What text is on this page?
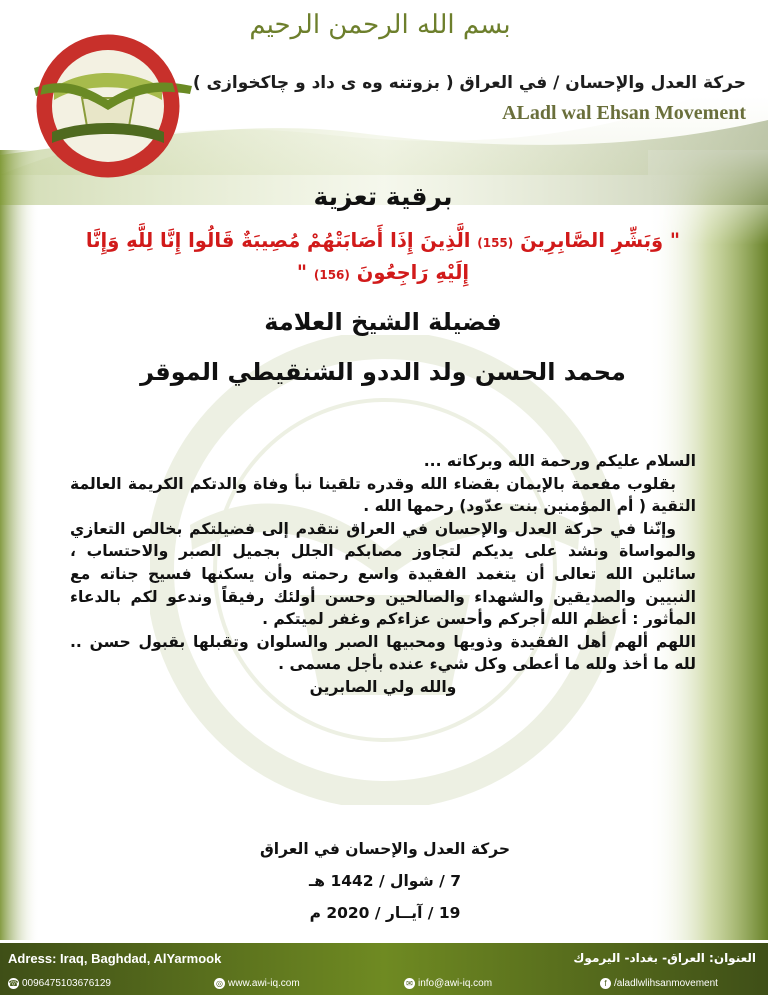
بسم الله الرحمن الرحيم
حركة العدل والإحسان / في العراق ( بزوتنه وه ى داد و چاكخوازى )
ALadl wal Ehsan Movement
برقية تعزية
" وَبَشِّرِ الصَّابِرِينَ (155) الَّذِينَ إِذَا أَصَابَتْهُمْ مُصِيبَةٌ قَالُوا إِنَّا لِلَّهِ وَإِنَّا إِلَيْهِ رَاجِعُونَ (156) "
فضيلة الشيخ العلامة
محمد الحسن ولد الددو الشنقيطي الموقر

السلام عليكم ورحمة الله وبركاته ...

بقلوب مفعمة بالإيمان بقضاء الله وقدره تلقينا نبأ وفاة والدتكم الكريمة العالمة التقية ( أم المؤمنين بنت عدّود) رحمها الله .

وإنّنا في حركة العدل والإحسان في العراق نتقدم إلى فضيلتكم بخالص التعازي والمواساة ونشد على يديكم لتجاوز مصابكم الجلل بجميل الصبر والاحتساب ، سائلين الله تعالى أن يتغمد الفقيدة واسع رحمته وأن يسكنها فسيح جناته مع النبيين والصديقين والشهداء والصالحين وحسن أولئك رفيقاً وندعو لكم بالدعاء المأثور : أعظم الله أجركم وأحسن عزاءكم وغفر لميتكم .

اللهم ألهم أهل الفقيدة وذويها ومحبيها الصبر والسلوان وتقبلها بقبول حسن .. لله ما أخذ ولله ما أعطى وكل شيء عنده بأجل مسمى .

والله ولي الصابرين

حركة العدل والإحسان في العراق
7 / شوال / 1442 هـ
19 / آيــار / 2020 م
Adress: Iraq, Baghdad, AlYarmook	العنوان: العراق- بغداد- اليرموك
☎ 00964751036761​29	◎ www.awi-iq.com	✉ info@awi-iq.com	f /aladlwlihsanmovement
